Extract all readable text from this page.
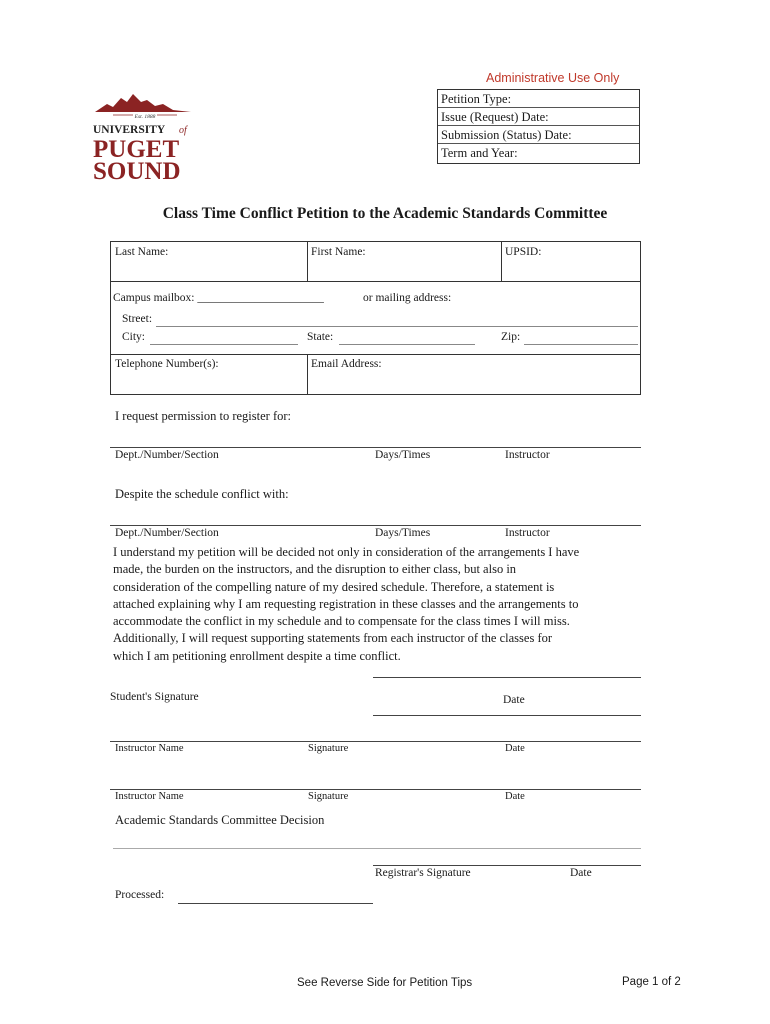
Administrative Use Only
Petition Type:
Issue (Request) Date:
Submission (Status) Date:
Term and Year:
Est. 1888
UNIVERSITY of
PUGET
SOUND
Class Time Conflict Petition to the Academic Standards Committee
Last Name:	First Name:	UPSID:
Campus mailbox: ______________________	or mailing address:
Street:
City:	State:	Zip:
Telephone Number(s):	Email Address:
I request permission to register for:
Dept./Number/Section	Days/Times	Instructor
Despite the schedule conflict with:
Dept./Number/Section	Days/Times	Instructor
I understand my petition will be decided not only in consideration of the arrangements I have
made, the burden on the instructors, and the disruption to either class, but also in
consideration of the compelling nature of my desired schedule. Therefore, a statement is
attached explaining why I am requesting registration in these classes and the arrangements to
accommodate the conflict in my schedule and to compensate for the class times I will miss.
Additionally, I will request supporting statements from each instructor of the classes for
which I am petitioning enrollment despite a time conflict.
Student's Signature	Date
Instructor Name	Signature	Date
Instructor Name	Signature	Date
Academic Standards Committee Decision
Registrar's Signature	Date
Processed:
See Reverse Side for Petition Tips	Page 1 of 2
